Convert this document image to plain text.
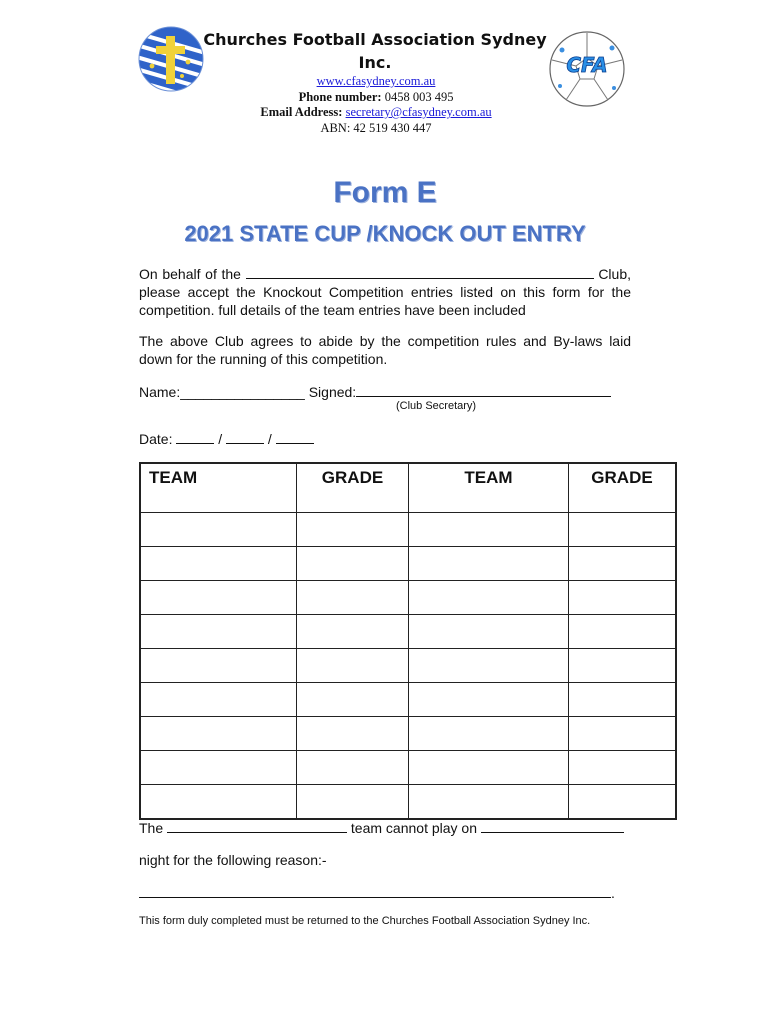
Churches Football Association Sydney Inc.
www.cfasydney.com.au
Phone number: 0458 003 495
Email Address: secretary@cfasydney.com.au
ABN: 42 519 430 447
CFA
Form E
2021 STATE CUP /KNOCK OUT ENTRY
On behalf of the	Club, please accept the Knockout Competition entries listed on this form for the competition. full details of the team entries have been included
The above Club agrees to abide by the competition rules and By-laws laid down for the running of this competition.
Name:________________ Signed:
(Club Secretary)
Date:	/	/
TEAM	GRADE	TEAM	GRADE

The	team cannot play on
night for the following reason:-
.
This form duly completed must be returned to the Churches Football Association Sydney Inc.
